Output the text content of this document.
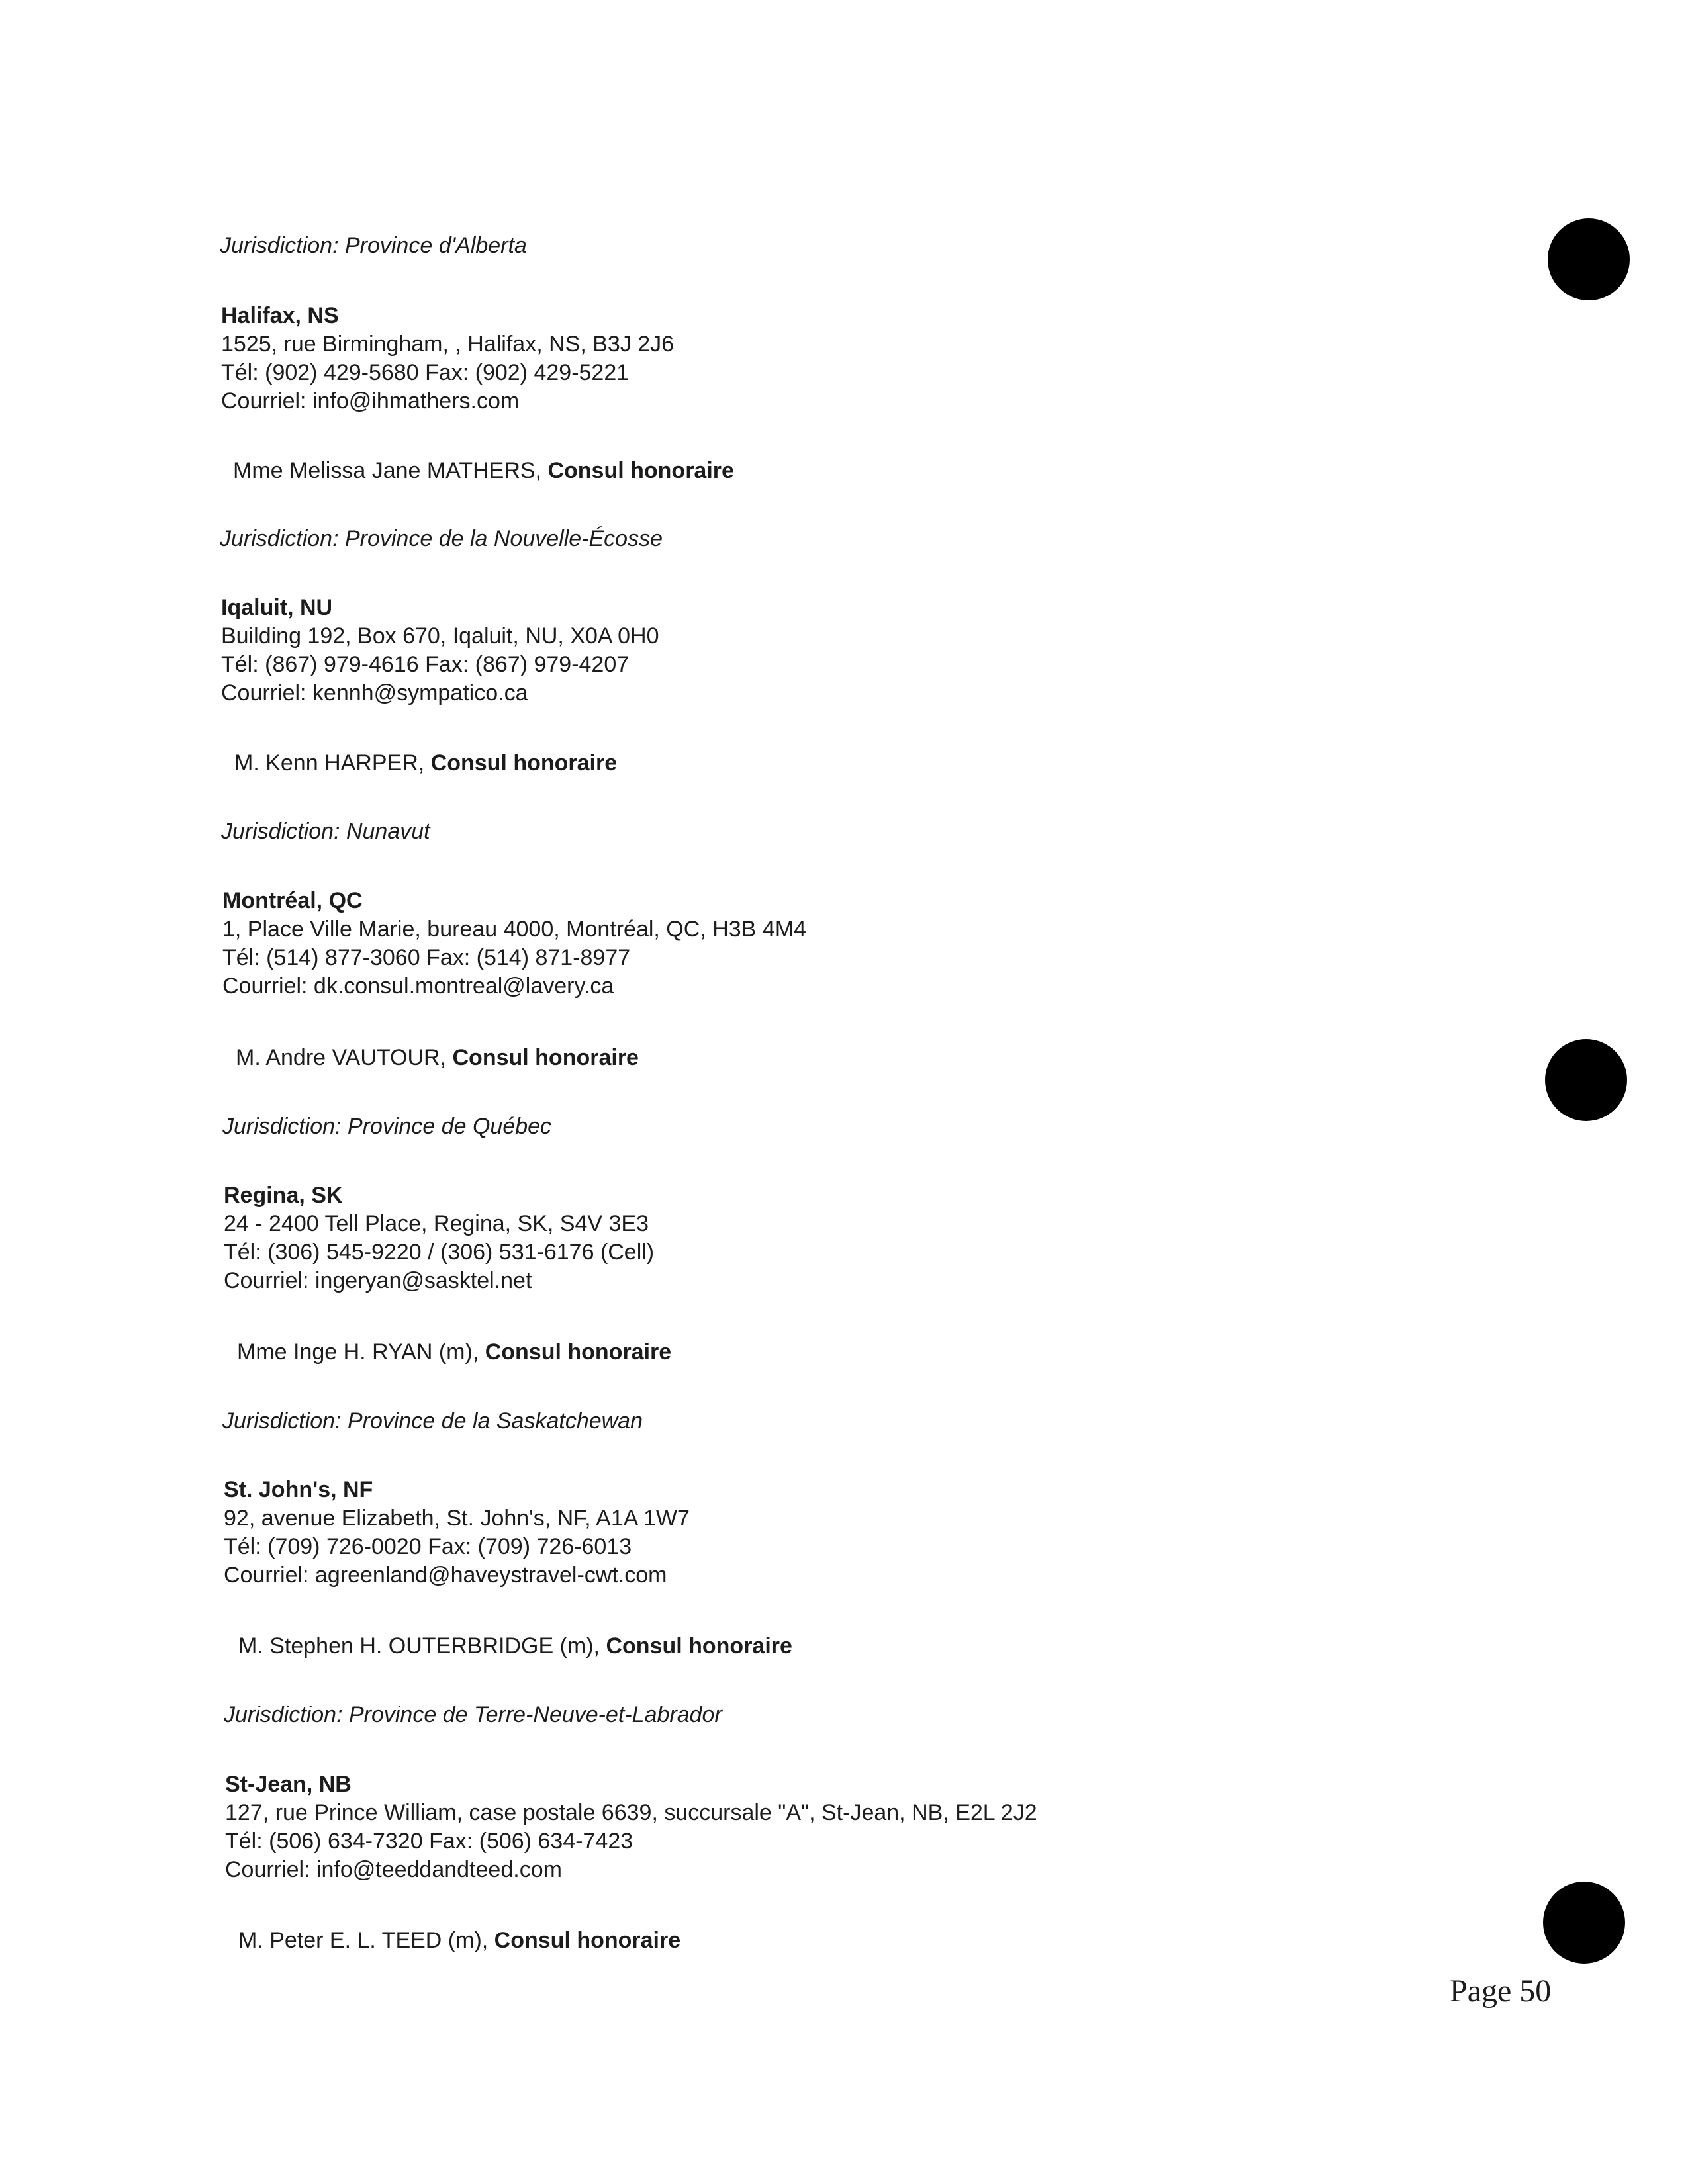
Jurisdiction: Province d'Alberta
Halifax, NS
1525, rue Birmingham, , Halifax, NS, B3J 2J6
Tél: (902) 429-5680 Fax: (902) 429-5221
Courriel: info@ihmathers.com
Mme Melissa Jane MATHERS, Consul honoraire
Jurisdiction: Province de la Nouvelle-Écosse
Iqaluit, NU
Building 192, Box 670, Iqaluit, NU, X0A 0H0
Tél: (867) 979-4616 Fax: (867) 979-4207
Courriel: kennh@sympatico.ca
M. Kenn HARPER, Consul honoraire
Jurisdiction: Nunavut
Montréal, QC
1, Place Ville Marie, bureau 4000, Montréal, QC, H3B 4M4
Tél: (514) 877-3060 Fax: (514) 871-8977
Courriel: dk.consul.montreal@lavery.ca
M. Andre VAUTOUR, Consul honoraire
Jurisdiction: Province de Québec
Regina, SK
24 - 2400 Tell Place, Regina, SK, S4V 3E3
Tél: (306) 545-9220 / (306) 531-6176 (Cell)
Courriel: ingeryan@sasktel.net
Mme Inge H. RYAN (m), Consul honoraire
Jurisdiction: Province de la Saskatchewan
St. John's, NF
92, avenue Elizabeth, St. John's, NF, A1A 1W7
Tél: (709) 726-0020 Fax: (709) 726-6013
Courriel: agreenland@haveystravel-cwt.com
M. Stephen H. OUTERBRIDGE (m), Consul honoraire
Jurisdiction: Province de Terre-Neuve-et-Labrador
St-Jean, NB
127, rue Prince William, case postale 6639, succursale "A", St-Jean, NB, E2L 2J2
Tél: (506) 634-7320 Fax: (506) 634-7423
Courriel: info@teeddandteed.com
M. Peter E. L. TEED (m), Consul honoraire
Page 50
